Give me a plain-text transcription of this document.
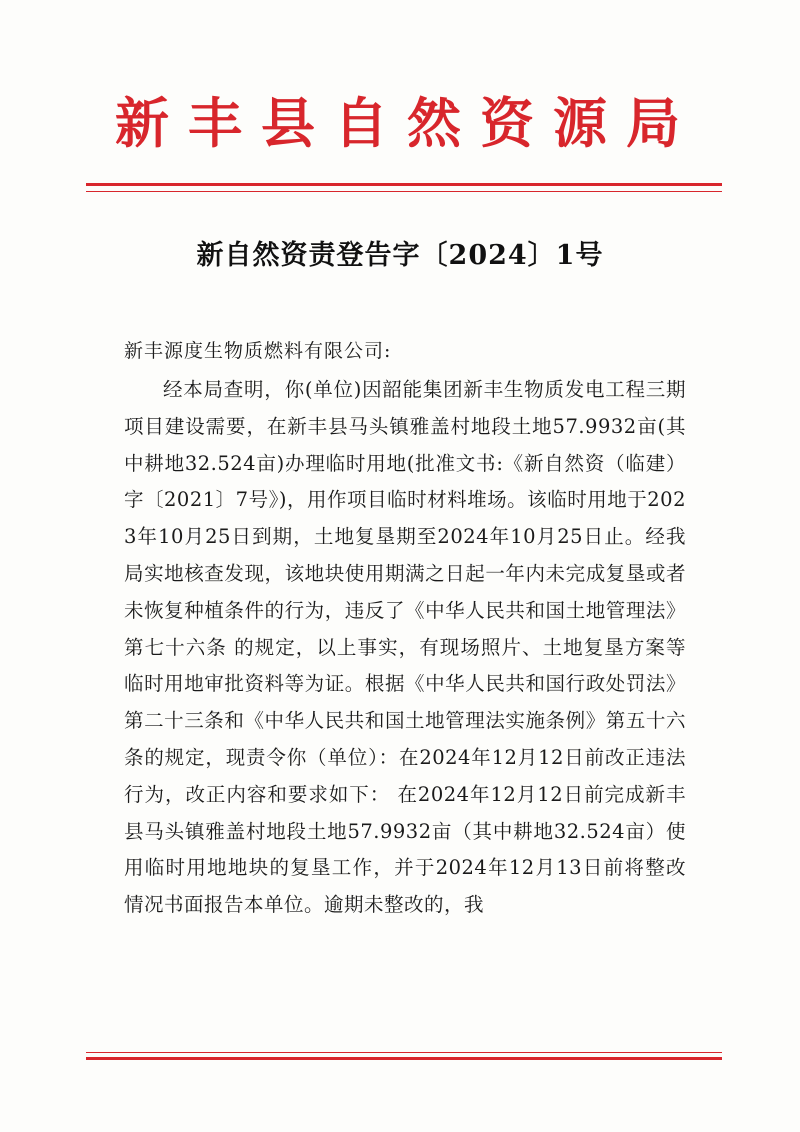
新丰县自然资源局
新自然资责登告字〔2024〕1号
新丰源度生物质燃料有限公司:
经本局查明，你(单位)因韶能集团新丰生物质发电工程三期项目建设需要，在新丰县马头镇雅盖村地段土地57.9932亩(其中耕地32.524亩)办理临时用地(批准文书:《新自然资（临建）字〔2021〕7号》)，用作项目临时材料堆场。该临时用地于2023年10月25日到期，土地复垦期至2024年10月25日止。经我局实地核查发现，该地块使用期满之日起一年内未完成复垦或者未恢复种植条件的行为，违反了《中华人民共和国土地管理法》第七十六条 的规定，以上事实，有现场照片、土地复垦方案等临时用地审批资料等为证。根据《中华人民共和国行政处罚法》第二十三条和《中华人民共和国土地管理法实施条例》第五十六条的规定，现责令你（单位）：在2024年12月12日前改正违法行为，改正内容和要求如下： 在2024年12月12日前完成新丰县马头镇雅盖村地段土地57.9932亩（其中耕地32.524亩）使用临时用地地块的复垦工作，并于2024年12月13日前将整改情况书面报告本单位。逾期未整改的，我
